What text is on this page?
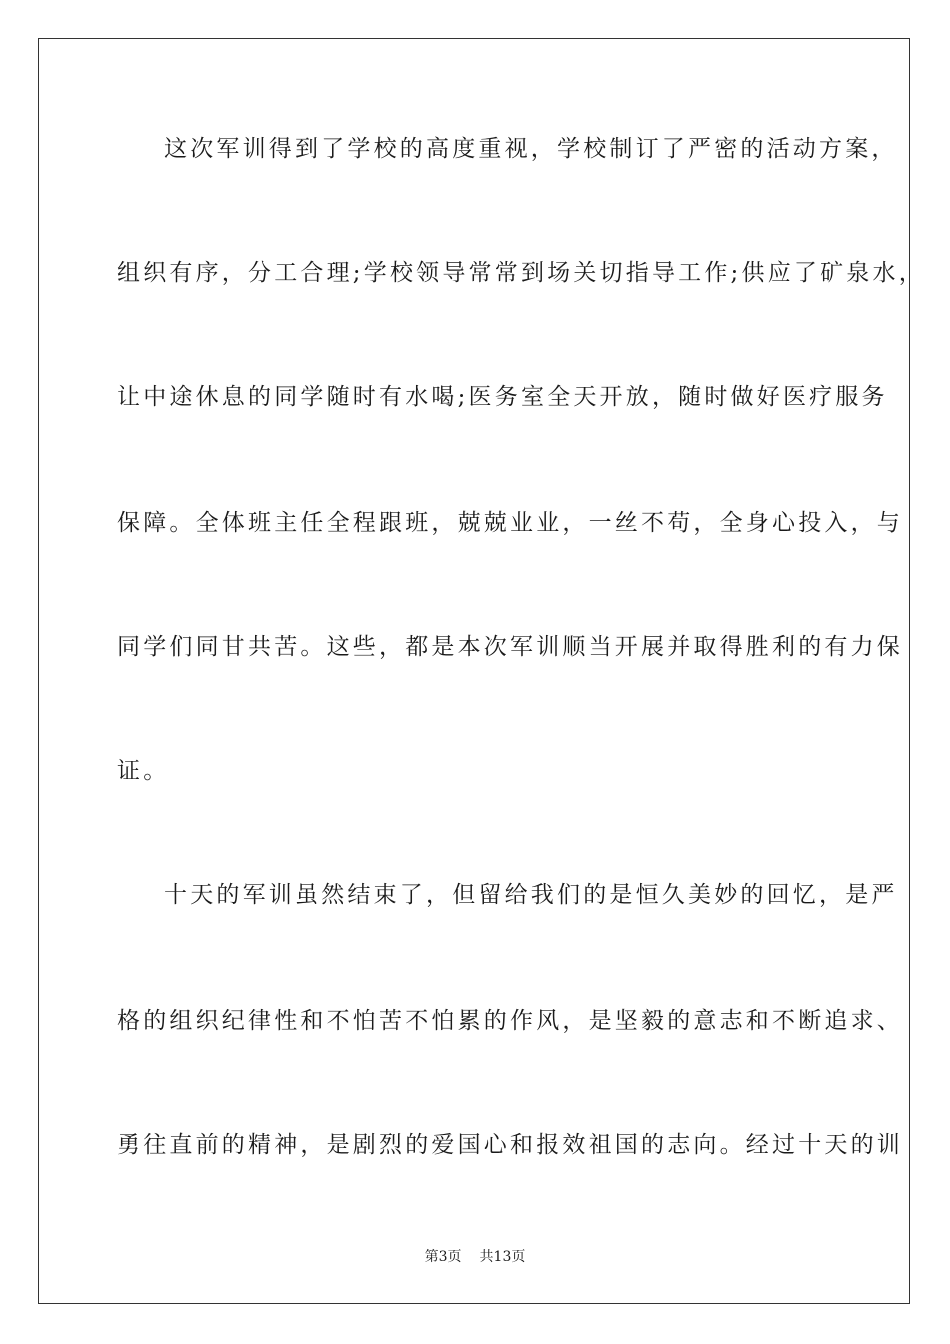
这次军训得到了学校的高度重视，学校制订了严密的活动方案，
组织有序，分工合理;学校领导常常到场关切指导工作;供应了矿泉水，
让中途休息的同学随时有水喝;医务室全天开放，随时做好医疗服务
保障。全体班主任全程跟班，兢兢业业，一丝不苟，全身心投入，与
同学们同甘共苦。这些，都是本次军训顺当开展并取得胜利的有力保
证。
十天的军训虽然结束了，但留给我们的是恒久美妙的回忆，是严
格的组织纪律性和不怕苦不怕累的作风，是坚毅的意志和不断追求、
勇往直前的精神，是剧烈的爱国心和报效祖国的志向。经过十天的训
第3页 共13页
